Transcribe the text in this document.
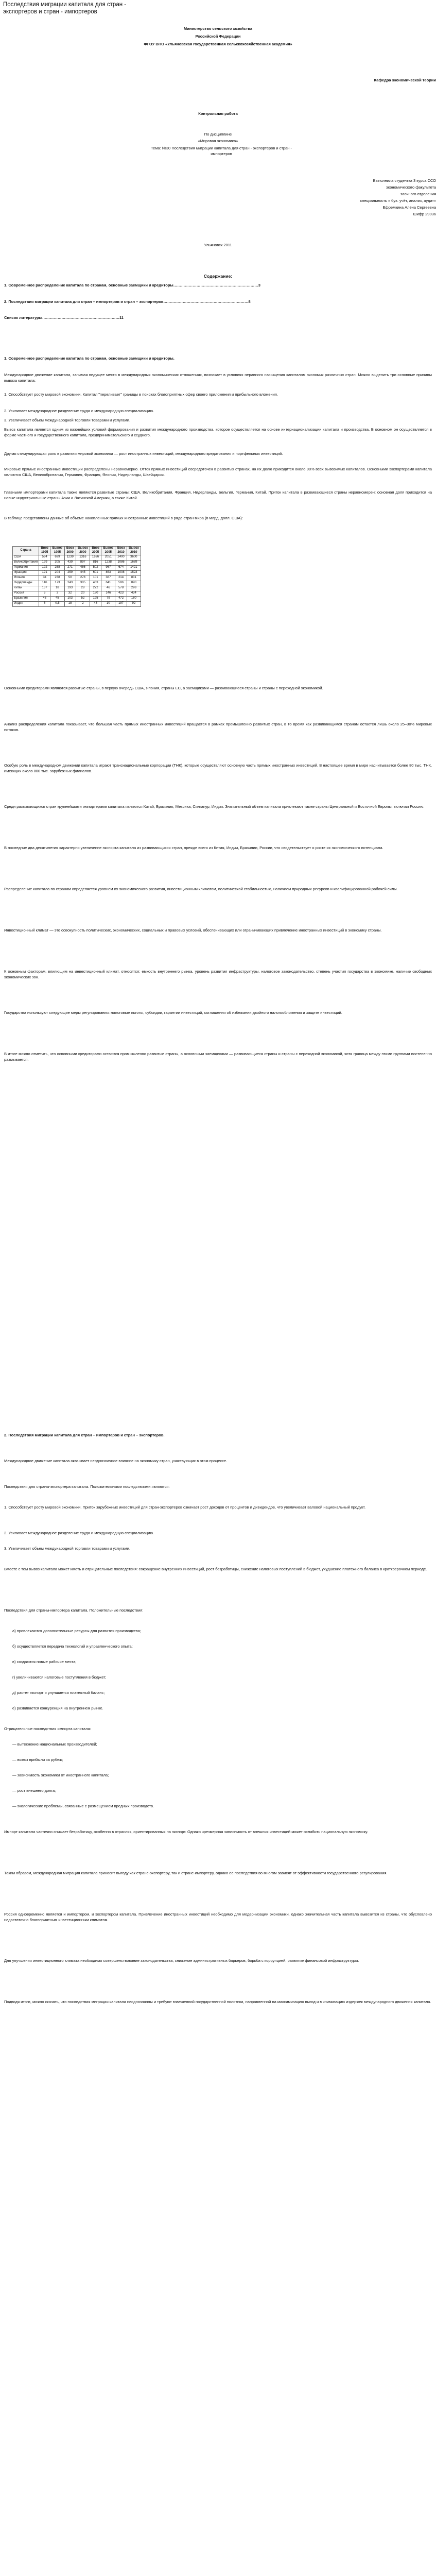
Последствия миграции капитала для стран - экспортеров и стран - импортеров
Министерство сельского хозяйства
Российской Федерации
ФГОУ ВПО «Ульяновская государственная сельскохозяйственная академия»
Кафедра экономической теории
Контрольная работа
По дисциплине
«Мировая экономика»
Тема: №30 Последствия миграции капитала для стран - экспортеров и стран - импортеров
Выполнила студентка 3 курса ССО
экономического факультета
заочного отделения
специальность « бух. учёт, анализ, аудит»
Ефремкина Алёна Сергеевна
Шифр 29036
Ульяновск 2011
Содержание:

1. Современное распределение капитала по странам, основные заемщики и кредиторы…………………………………………………………3

2. Последствия миграции капитала для стран – импортеров и стран – экспортеров…………………………………………………………8

Список литературы……………………………………………………11

1. Современное распределение капитала по странам, основные заемщики и кредиторы.

Международное движение капитала, занимая ведущее место в международных экономических отношениях, возникает в условиях неравного насыщения капиталом экономик различных стран. Можно выделить три основные причины вывоза капитала:

1. Способствует росту мировой экономики. Капитал "переливает" границы в поисках благоприятных сфер своего приложения и прибыльного вложения.

2. Усиливает международное разделение труда и международную специализацию.

3. Увеличивает объем международной торговли товарами и услугами.

Вывоз капитала является одним из важнейших условий формирования и развития международного производства, которое осуществляется на основе интернационализации капитала и производства. В основном он осуществляется в форме частного и государственного капитала, предпринимательского и ссудного.

Другая стимулирующая роль в развитии мировой экономики — рост иностранных инвестиций, международного кредитования и портфельных инвестиций.

Мировые прямые иностранные инвестиции распределены неравномерно. Отток прямых инвестиций сосредоточен в развитых странах, на их долю приходится около 90% всех вывозимых капиталов. Основными экспортерами капитала являются США, Великобритания, Германия, Франция, Япония, Нидерланды, Швейцария.

Главными импортерами капитала также являются развитые страны: США, Великобритания, Франция, Нидерланды, Бельгия, Германия, Китай. Приток капитала в развивающиеся страны неравномерен: основная доля приходится на новые индустриальные страны Азии и Латинской Америки, а также Китай.

В таблице представлены данные об объеме накопленных прямых иностранных инвестиций в ряде стран мира (в млрд. долл. США):

Страна	Ввоз 1995	Вывоз 1995	Ввоз 2000	Вывоз 2000	Ввоз 2005	Вывоз 2005	Ввоз 2010	Вывоз 2010
США	564	699	1239	1316	1626	2051	2400	3600
Великобритания	199	305	439	897	816	1238	1086	1689
Германия	192	268	271	486	502	967	674	1421
Франция	191	204	259	445	601	853	1008	1523
Япония	34	238	50	278	101	387	214	831
Нидерланды	116	173	243	305	463	641	596	890
Китай	137	18	193	28	272	46	578	298
Россия	5	3	32	20	180	146	423	434
Бразилия	43	45	103	52	195	79	472	180
Индия	6	0,5	18	2	43	10	197	92

Основными кредиторами являются развитые страны, в первую очередь США, Япония, страны ЕС, а заемщиками — развивающиеся страны и страны с переходной экономикой.

Анализ распределения капитала показывает, что большая часть прямых иностранных инвестиций вращается в рамках промышленно развитых стран, в то время как развивающимся странам остается лишь около 25–30% мировых потоков.

Особую роль в международном движении капитала играют транснациональные корпорации (ТНК), которые осуществляют основную часть прямых иностранных инвестиций. В настоящее время в мире насчитывается более 80 тыс. ТНК, имеющих около 800 тыс. зарубежных филиалов.

Среди развивающихся стран крупнейшими импортерами капитала являются Китай, Бразилия, Мексика, Сингапур, Индия. Значительный объем капитала привлекают также страны Центральной и Восточной Европы, включая Россию.

В последние два десятилетия характерно увеличение экспорта капитала из развивающихся стран, прежде всего из Китая, Индии, Бразилии, России, что свидетельствует о росте их экономического потенциала.

Распределение капитала по странам определяется уровнем их экономического развития, инвестиционным климатом, политической стабильностью, наличием природных ресурсов и квалифицированной рабочей силы.

Инвестиционный климат — это совокупность политических, экономических, социальных и правовых условий, обеспечивающих или ограничивающих привлечение иностранных инвестиций в экономику страны.

К основным факторам, влияющим на инвестиционный климат, относятся: емкость внутреннего рынка, уровень развития инфраструктуры, налоговое законодательство, степень участия государства в экономике, наличие свободных экономических зон.

Государства используют следующие меры регулирования: налоговые льготы, субсидии, гарантии инвестиций, соглашения об избежании двойного налогообложения и защите инвестиций.

В итоге можно отметить, что основными кредиторами остаются промышленно развитые страны, а основными заемщиками — развивающиеся страны и страны с переходной экономикой, хотя граница между этими группами постепенно размывается.

2. Последствия миграции капитала для стран – импортеров и стран – экспортеров.

Международное движение капитала оказывает неоднозначное влияние на экономику стран, участвующих в этом процессе.

Последствия для страны-экспортера капитала. Положительными последствиями являются:

1. Способствует росту мировой экономики. Приток зарубежных инвестиций для стран-экспортеров означает рост доходов от процентов и дивидендов, что увеличивает валовой национальный продукт.

2. Усиливает международное разделение труда и международную специализацию.

3. Увеличивает объем международной торговли товарами и услугами.

Вместе с тем вывоз капитала может иметь и отрицательные последствия: сокращение внутренних инвестиций, рост безработицы, снижение налоговых поступлений в бюджет, ухудшение платежного баланса в краткосрочном периоде.

Последствия для страны-импортера капитала. Положительные последствия:

а) привлекаются дополнительные ресурсы для развития производства;

б) осуществляется передача технологий и управленческого опыта;

в) создаются новые рабочие места;

г) увеличиваются налоговые поступления в бюджет;

д) растет экспорт и улучшается платежный баланс;

е) развивается конкуренция на внутреннем рынке.

Отрицательные последствия импорта капитала:

— вытеснение национальных производителей;

— вывоз прибыли за рубеж;

— зависимость экономики от иностранного капитала;

— рост внешнего долга;

— экологические проблемы, связанные с размещением вредных производств.

Импорт капитала частично снижает безработицу, особенно в отраслях, ориентированных на экспорт. Однако чрезмерная зависимость от внешних инвестиций может ослабить национальную экономику.

Таким образом, международная миграция капитала приносит выгоду как стране-экспортеру, так и стране-импортеру, однако ее последствия во многом зависят от эффективности государственного регулирования.

Россия одновременно является и импортером, и экспортером капитала. Привлечение иностранных инвестиций необходимо для модернизации экономики, однако значительная часть капитала вывозится из страны, что обусловлено недостаточно благоприятным инвестиционным климатом.

Для улучшения инвестиционного климата необходимо совершенствование законодательства, снижение административных барьеров, борьба с коррупцией, развитие финансовой инфраструктуры.

Подводя итоги, можно сказать, что последствия миграции капитала неоднозначны и требуют взвешенной государственной политики, направленной на максимизацию выгод и минимизацию издержек международного движения капитала.
